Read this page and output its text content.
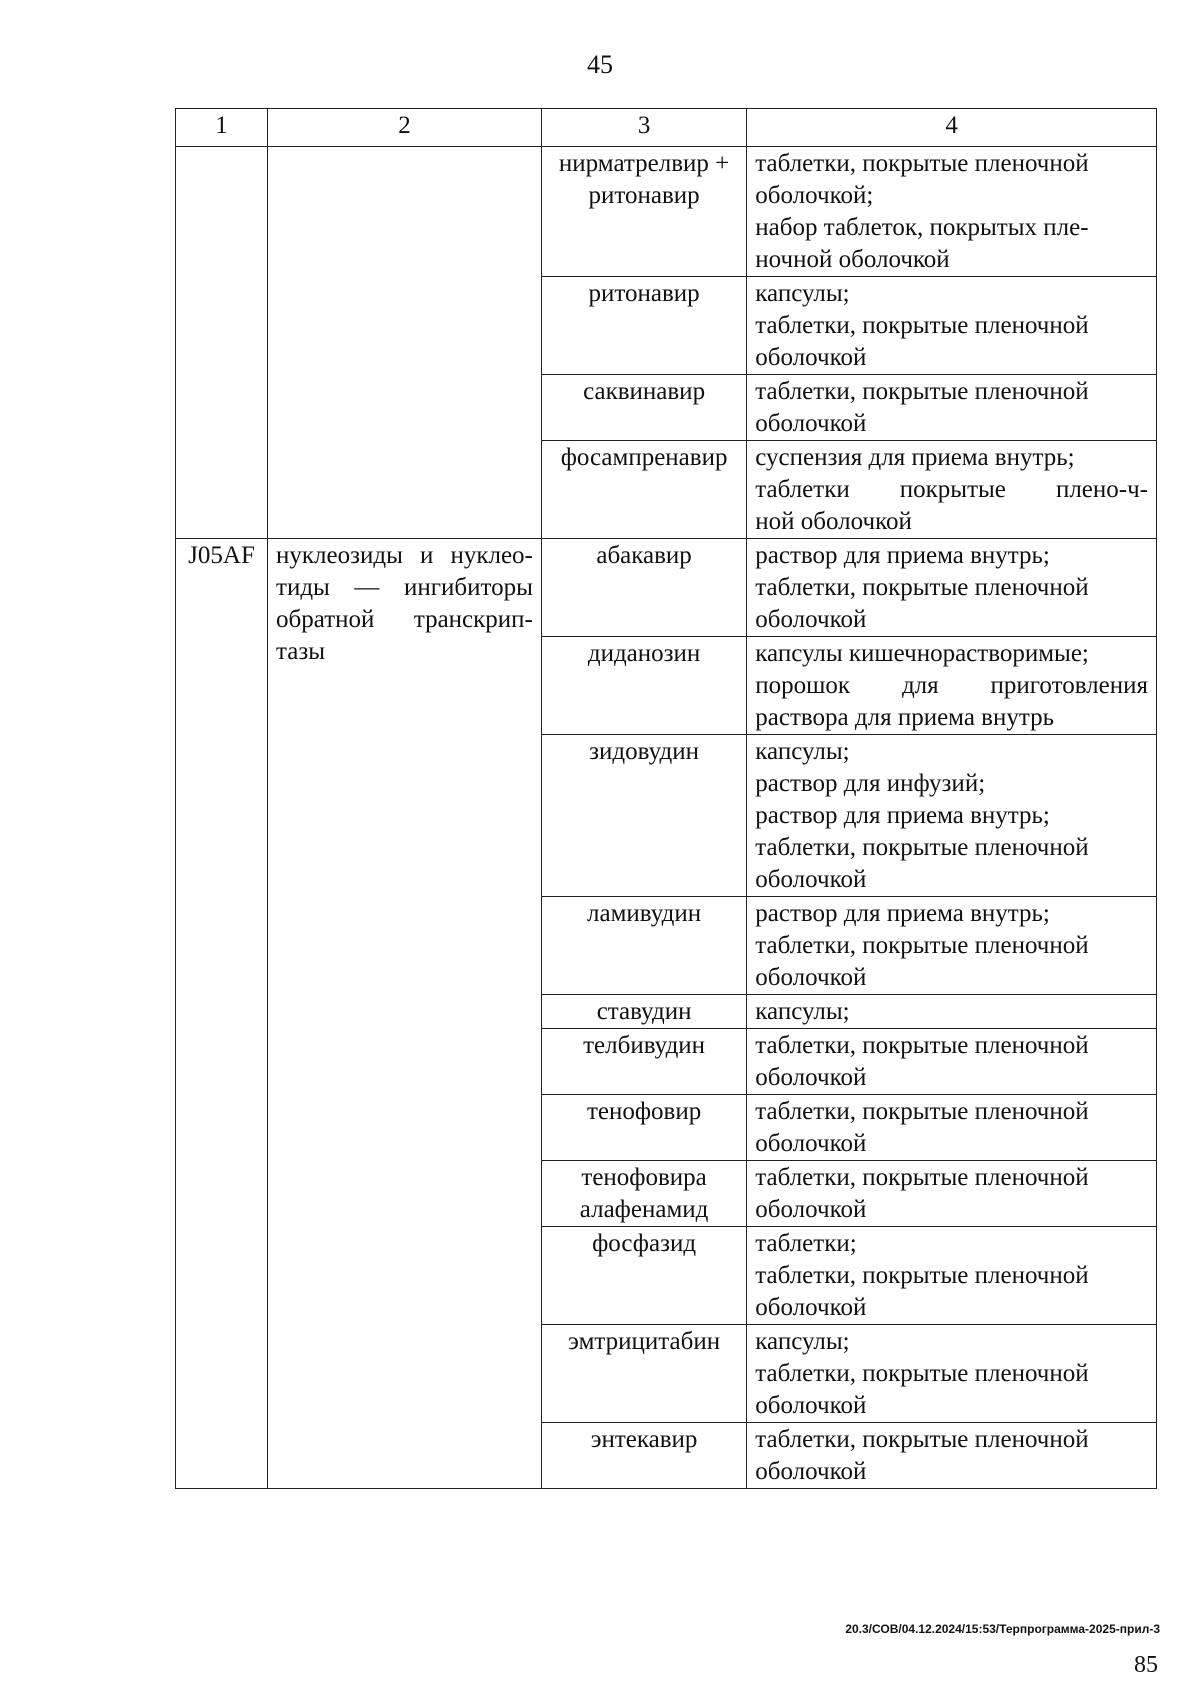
45
1	2	3	4

		нирматрелвир +
ритонавир	таблетки, покрытые пленочной
оболочкой;
набор таблеток, покрытых пле-
ночной оболочкой

		ритонавир	капсулы;
таблетки, покрытые пленочной
оболочкой

		саквинавир	таблетки, покрытые пленочной
оболочкой

		фосампренавир	суспензия для приема внутрь;
таблетки покрытые плено-ч-
ной оболочкой

J05AF	нуклеозиды и нуклео-
тиды — ингибиторы
обратной транскрип-
тазы	абакавир	раствор для приема внутрь;
таблетки, покрытые пленочной
оболочкой

		диданозин	капсулы кишечнорастворимые;
порошок для приготовления
раствора для приема внутрь

		зидовудин	капсулы;
раствор для инфузий;
раствор для приема внутрь;
таблетки, покрытые пленочной
оболочкой

		ламивудин	раствор для приема внутрь;
таблетки, покрытые пленочной
оболочкой

		ставудин	капсулы;

		телбивудин	таблетки, покрытые пленочной
оболочкой

		тенофовир	таблетки, покрытые пленочной
оболочкой

		тенофовира
алафенамид	таблетки, покрытые пленочной
оболочкой

		фосфазид	таблетки;
таблетки, покрытые пленочной
оболочкой

		эмтрицитабин	капсулы;
таблетки, покрытые пленочной
оболочкой

		энтекавир	таблетки, покрытые пленочной
оболочкой
20.3/СОВ/04.12.2024/15:53/Терпрограмма-2025-прил-3
85
